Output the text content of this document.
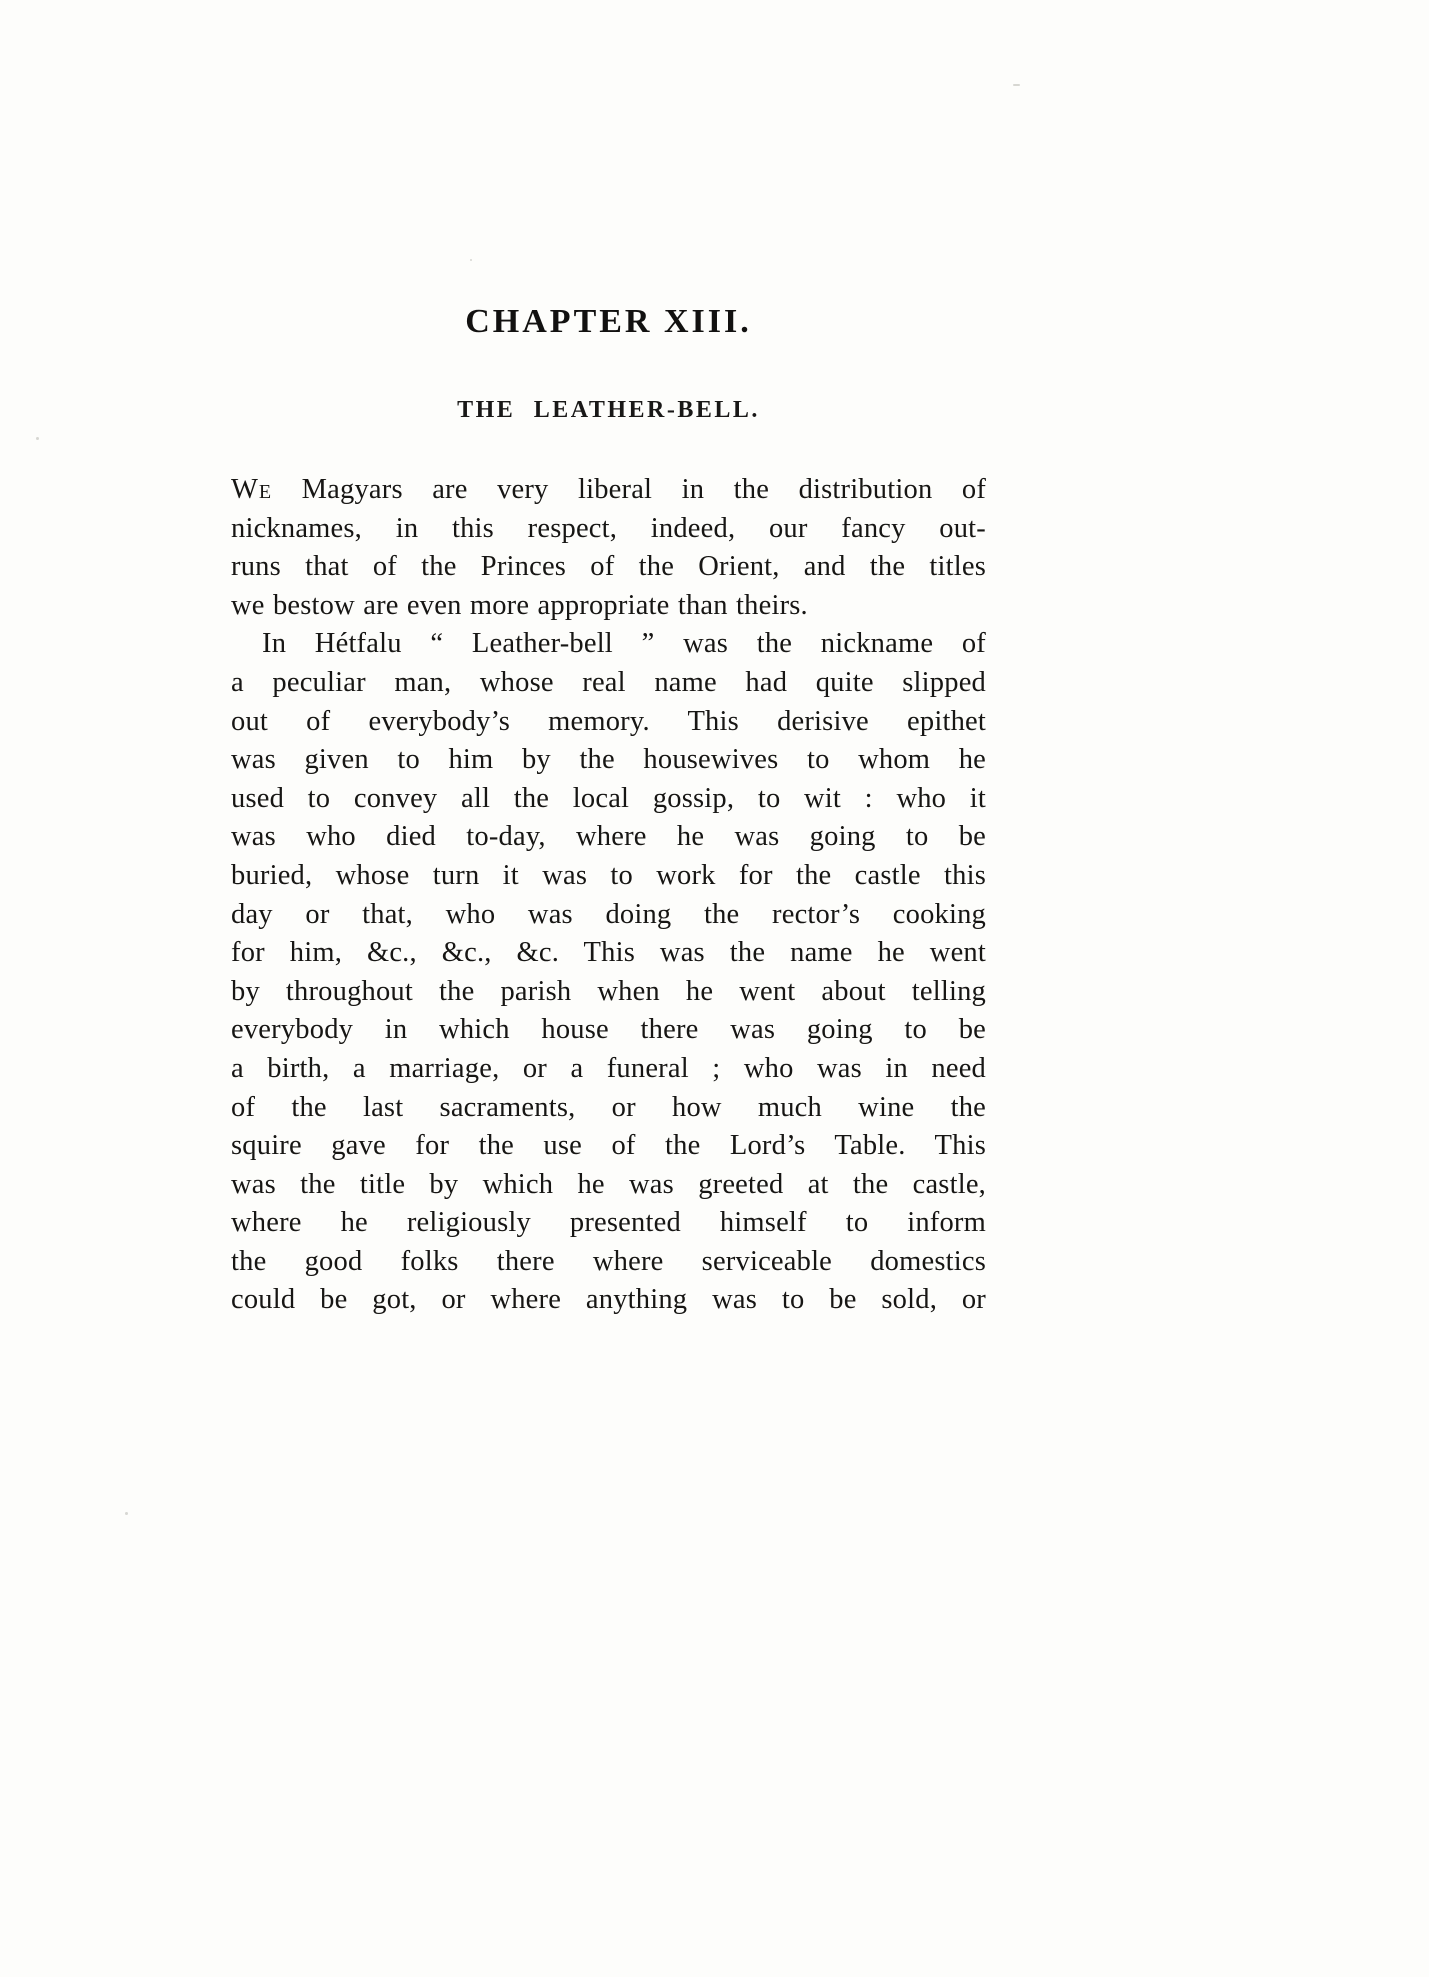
CHAPTER XIII.
THE LEATHER-BELL.
We Magyars are very liberal in the distribution of
nicknames, in this respect, indeed, our fancy out-
runs that of the Princes of the Orient, and the titles
we bestow are even more appropriate than theirs.
In Hétfalu “ Leather-bell ” was the nickname of
a peculiar man, whose real name had quite slipped
out of everybody’s memory. This derisive epithet
was given to him by the housewives to whom he
used to convey all the local gossip, to wit : who it
was who died to-day, where he was going to be
buried, whose turn it was to work for the castle this
day or that, who was doing the rector’s cooking
for him, &c., &c., &c. This was the name he went
by throughout the parish when he went about telling
everybody in which house there was going to be
a birth, a marriage, or a funeral ; who was in need
of the last sacraments, or how much wine the
squire gave for the use of the Lord’s Table. This
was the title by which he was greeted at the castle,
where he religiously presented himself to inform
the good folks there where serviceable domestics
could be got, or where anything was to be sold, or
